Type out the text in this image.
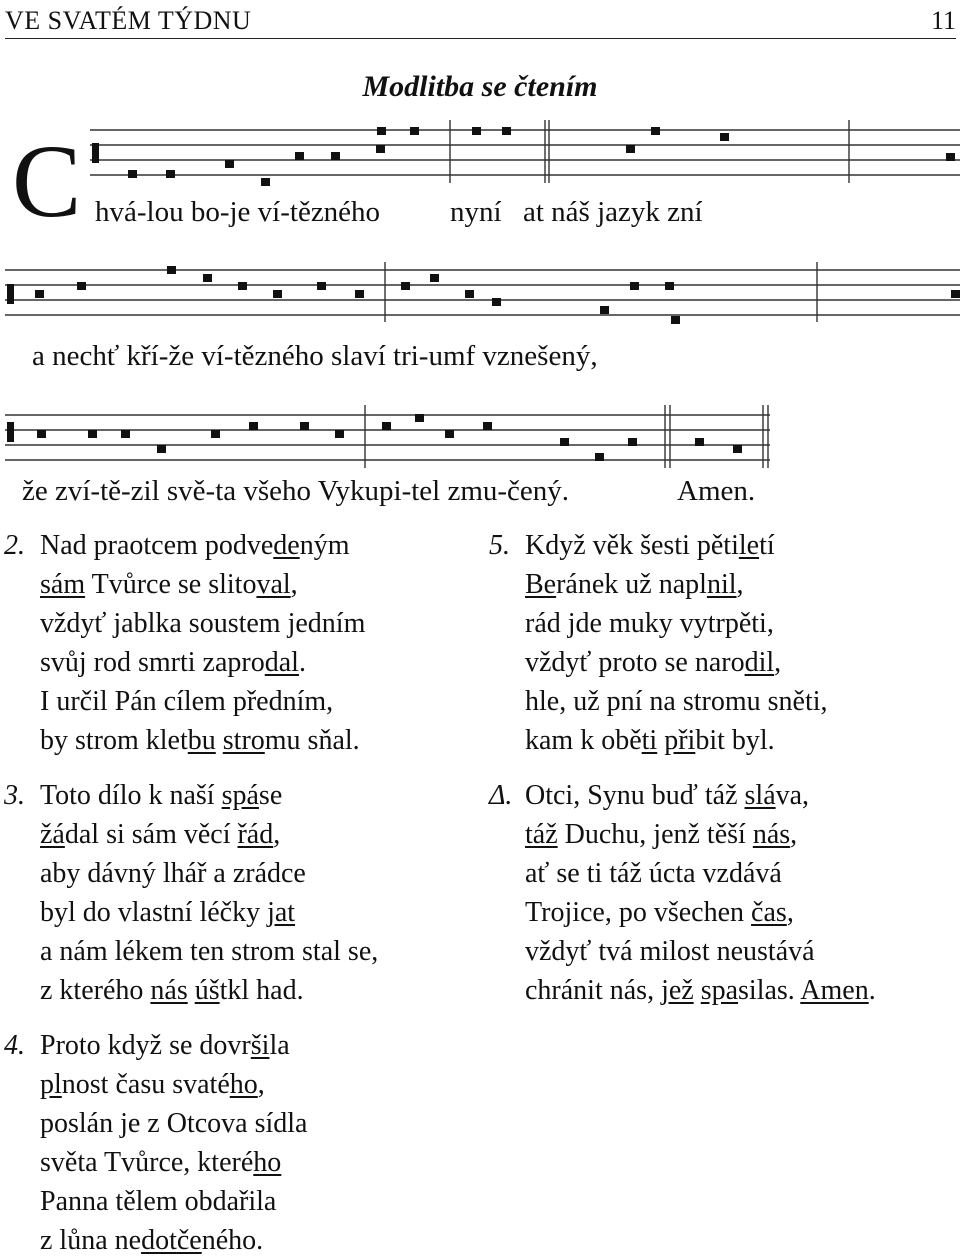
VE SVATÉM TÝDNU	11
Modlitba se čtením
C hvá-lou bo-je ví-tězného nyní at náš jazyk zní
a nechť kří-že ví-tězného slaví tri-umf vznešený,
že zví-tě-zil svě-ta všeho Vykupi-tel zmu-čený.	Amen.
2. Nad praotcem podvedeným
sám Tvůrce se slitoval,
vždyť jablka soustem jedním
svůj rod smrti zaprodal.
I určil Pán cílem předním,
by strom kletbu stromu sňal.
3. Toto dílo k naší spáse
žádal si sám věcí řád,
aby dávný lhář a zrádce
byl do vlastní léčky jat
a nám lékem ten strom stal se,
z kterého nás úštkl had.
4. Proto když se dovršila
plnost času svatého,
poslán je z Otcova sídla
světa Tvůrce, kterého
Panna tělem obdařila
z lůna nedotčeného.
5. Když věk šesti pětiletí
Beránek už naplnil,
rád jde muky vytrpěti,
vždyť proto se narodil,
hle, už pní na stromu sněti,
kam k oběti přibit byl.
Δ. Otci, Synu buď táž sláva,
táž Duchu, jenž těší nás,
ať se ti táž úcta vzdává
Trojice, po všechen čas,
vždyť tvá milost neustává
chránit nás, jež spasilas. Amen.
